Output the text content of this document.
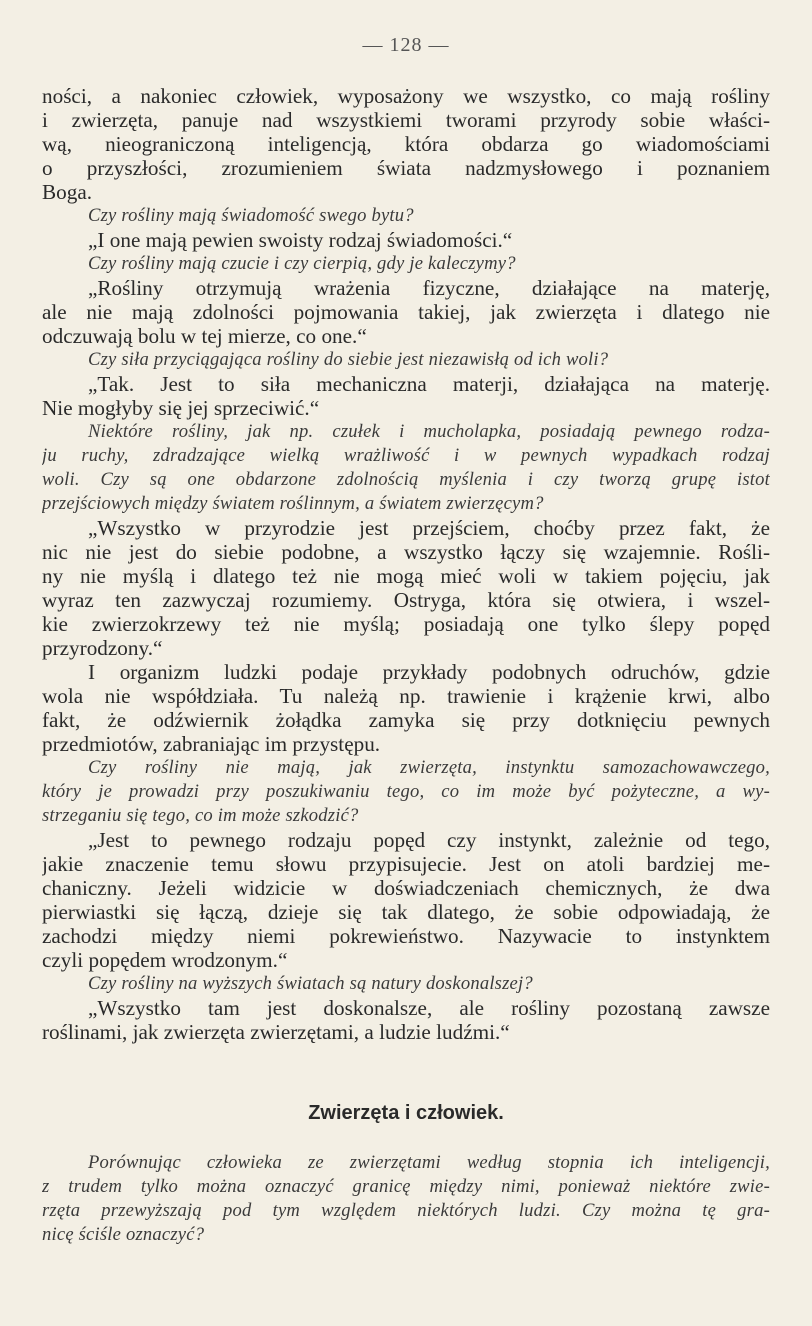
— 128 —
ności, a nakoniec człowiek, wyposażony we wszystko, co mają rośliny
i zwierzęta, panuje nad wszystkiemi tworami przyrody sobie właści-
wą, nieograniczoną inteligencją, która obdarza go wiadomościami
o przyszłości, zrozumieniem świata nadzmysłowego i poznaniem
Boga.
Czy rośliny mają świadomość swego bytu?
„I one mają pewien swoisty rodzaj świadomości.“
Czy rośliny mają czucie i czy cierpią, gdy je kaleczymy?
„Rośliny otrzymują wrażenia fizyczne, działające na materję,
ale nie mają zdolności pojmowania takiej, jak zwierzęta i dlatego nie
odczuwają bolu w tej mierze, co one.“
Czy siła przyciągająca rośliny do siebie jest niezawisłą od ich woli?
„Tak. Jest to siła mechaniczna materji, działająca na materję.
Nie mogłyby się jej sprzeciwić.“
Niektóre rośliny, jak np. czułek i mucholapka, posiadają pewnego rodza-
ju ruchy, zdradzające wielką wrażliwość i w pewnych wypadkach rodzaj
woli. Czy są one obdarzone zdolnością myślenia i czy tworzą grupę istot
przejściowych między światem roślinnym, a światem zwierzęcym?
„Wszystko w przyrodzie jest przejściem, choćby przez fakt, że
nic nie jest do siebie podobne, a wszystko łączy się wzajemnie. Rośli-
ny nie myślą i dlatego też nie mogą mieć woli w takiem pojęciu, jak
wyraz ten zazwyczaj rozumiemy. Ostryga, która się otwiera, i wszel-
kie zwierzokrzewy też nie myślą; posiadają one tylko ślepy popęd
przyrodzony.“
I organizm ludzki podaje przykłady podobnych odruchów, gdzie
wola nie współdziała. Tu należą np. trawienie i krążenie krwi, albo
fakt, że odźwiernik żołądka zamyka się przy dotknięciu pewnych
przedmiotów, zabraniając im przystępu.
Czy rośliny nie mają, jak zwierzęta, instynktu samozachowawczego,
który je prowadzi przy poszukiwaniu tego, co im może być pożyteczne, a wy-
strzeganiu się tego, co im może szkodzić?
„Jest to pewnego rodzaju popęd czy instynkt, zależnie od tego,
jakie znaczenie temu słowu przypisujecie. Jest on atoli bardziej me-
chaniczny. Jeżeli widzicie w doświadczeniach chemicznych, że dwa
pierwiastki się łączą, dzieje się tak dlatego, że sobie odpowiadają, że
zachodzi między niemi pokrewieństwo. Nazywacie to instynktem
czyli popędem wrodzonym.“
Czy rośliny na wyższych światach są natury doskonalszej?
„Wszystko tam jest doskonalsze, ale rośliny pozostaną zawsze
roślinami, jak zwierzęta zwierzętami, a ludzie ludźmi.“
Zwierzęta i człowiek.
Porównując człowieka ze zwierzętami według stopnia ich inteligencji,
z trudem tylko można oznaczyć granicę między nimi, ponieważ niektóre zwie-
rzęta przewyższają pod tym względem niektórych ludzi. Czy można tę gra-
nicę ściśle oznaczyć?
